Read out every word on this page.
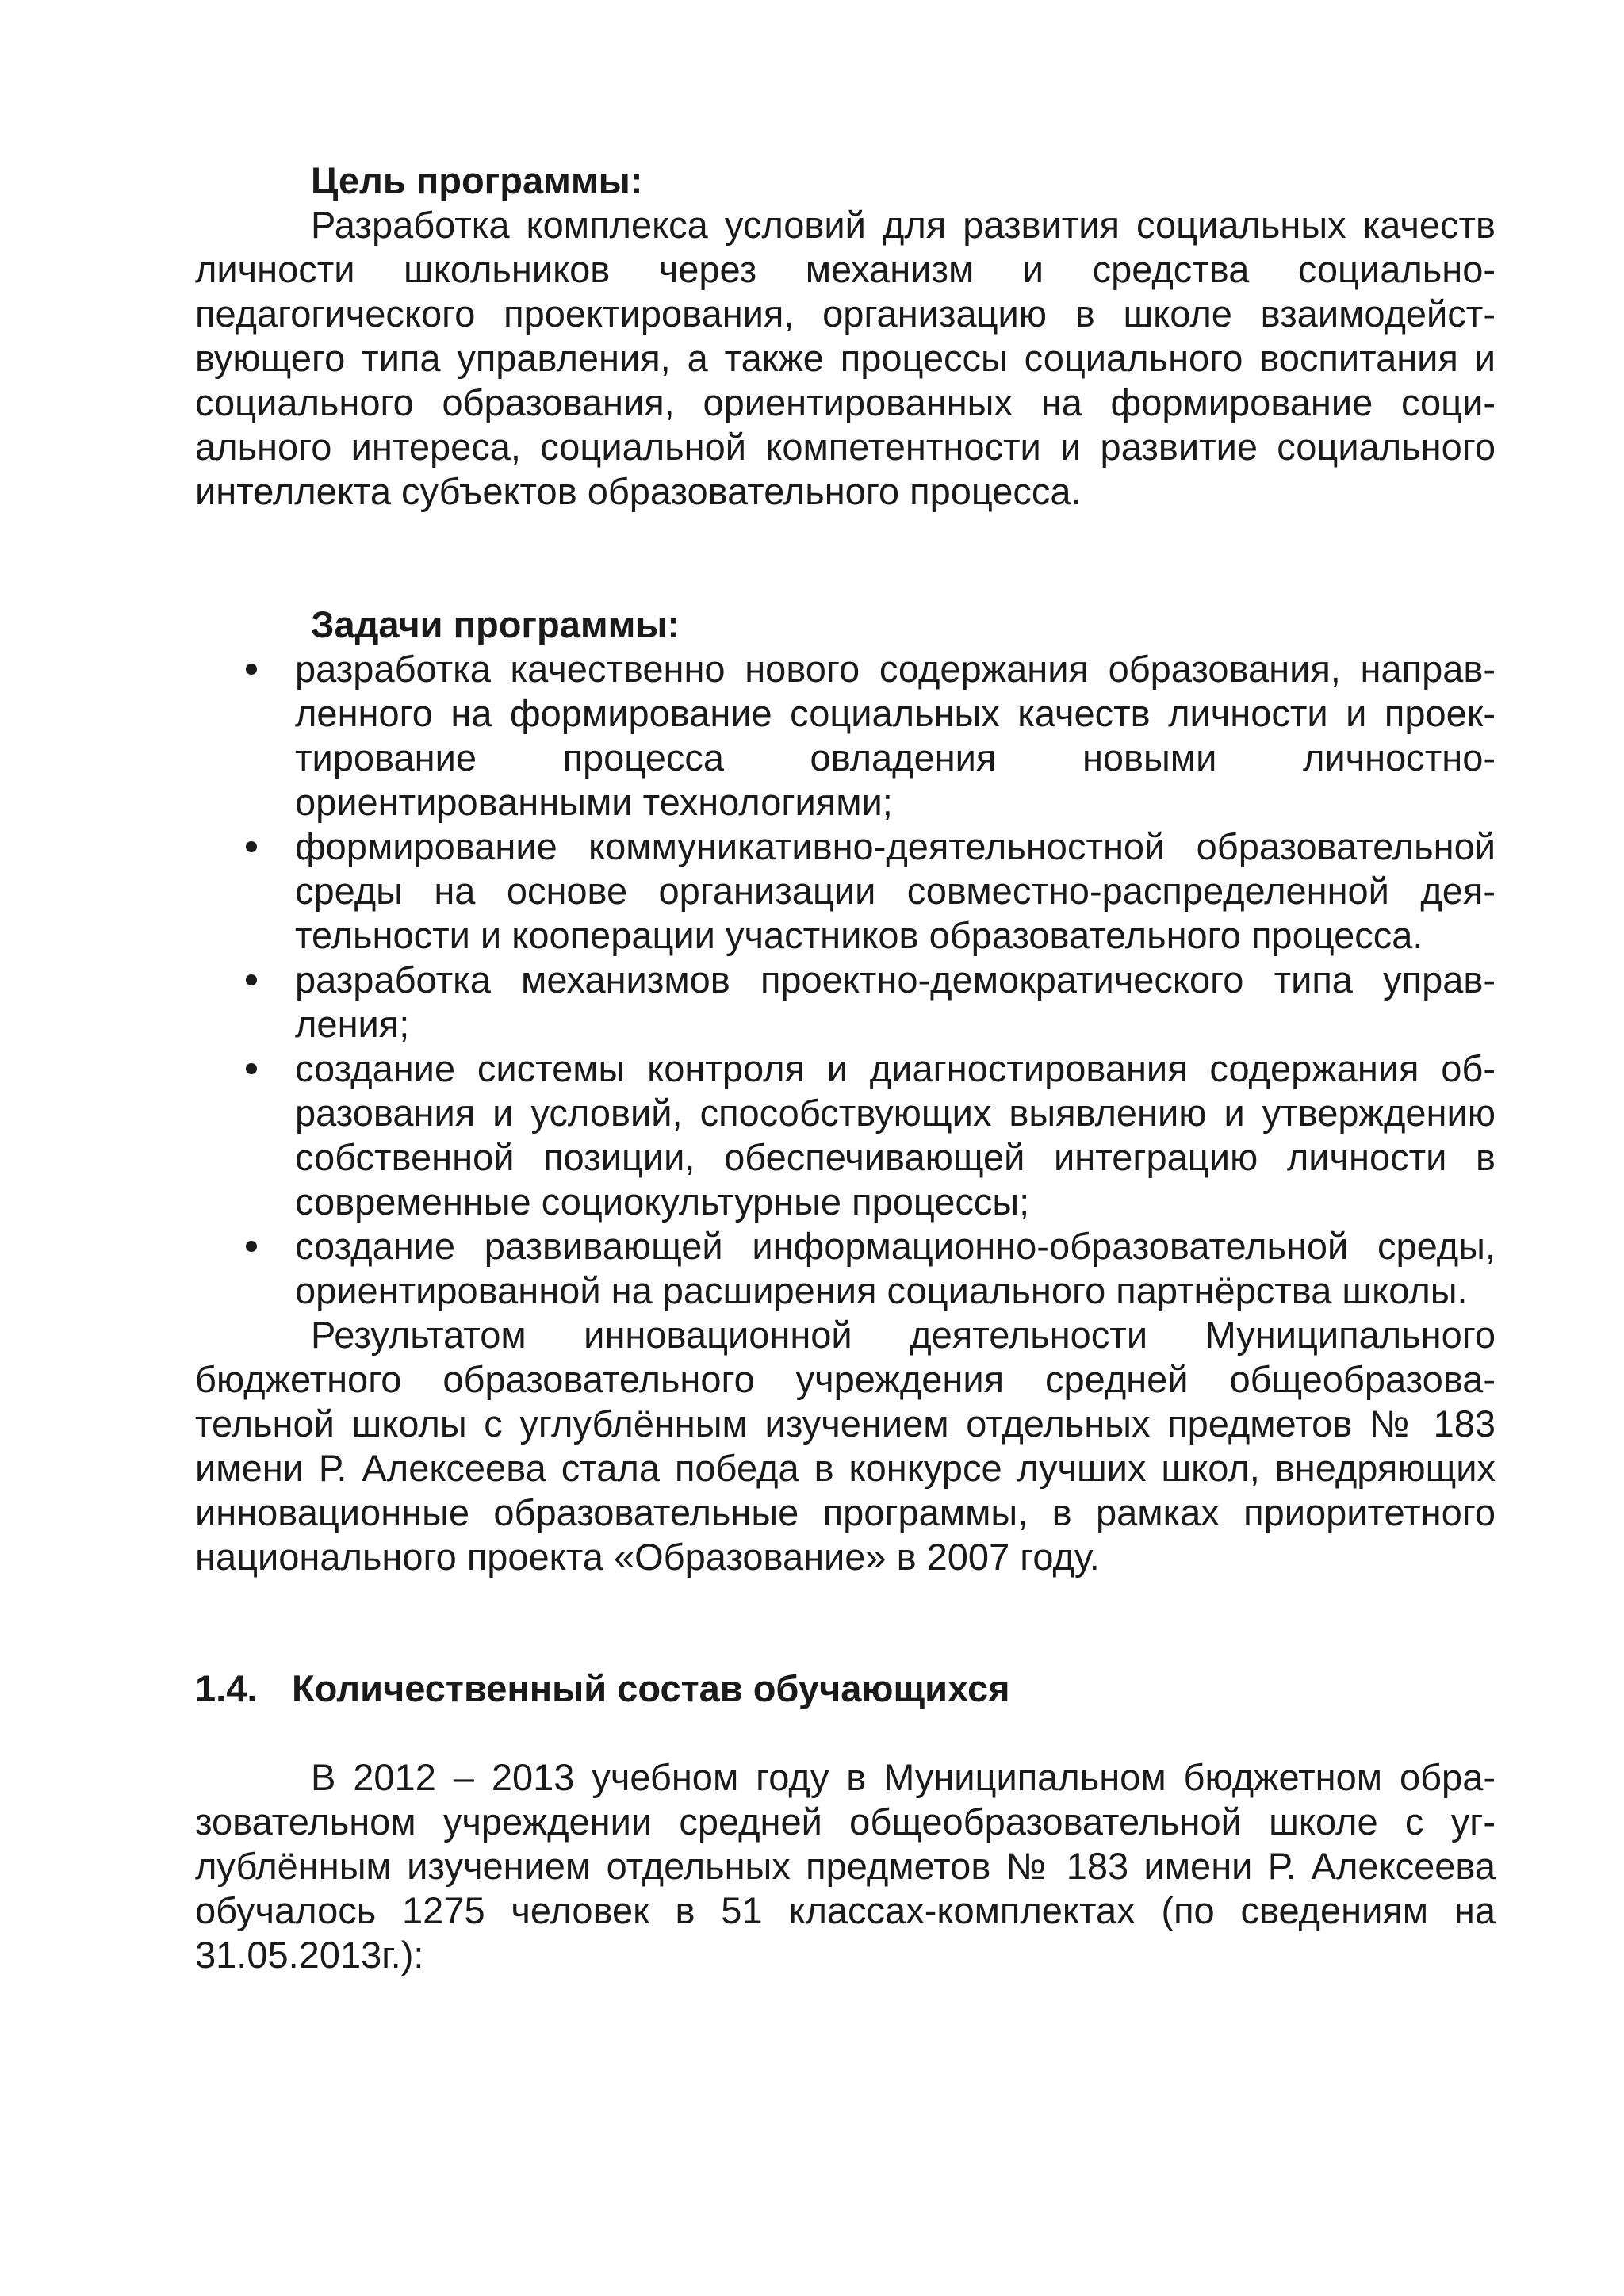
Цель программы:

Разработка комплекса условий для развития социальных качеств личности школьников через механизм и средства социально-педагогического проектирования, организацию в школе взаимодействующего типа управления, а также процессы социального воспитания и социального образования, ориентированных на формирование социального интереса, социальной компетентности и развитие социального интеллекта субъектов образовательного процесса.

Задачи программы:

разработка качественно нового содержания образования, направленного на формирование социальных качеств личности и проектирование процесса овладения новыми личностно-ориентированными технологиями;
формирование коммуникативно-деятельностной образовательной среды на основе организации совместно-распределенной деятельности и кооперации участников образовательного процесса.
разработка механизмов проектно-демократического типа управления;
создание системы контроля и диагностирования содержания образования и условий, способствующих выявлению и утверждению собственной позиции, обеспечивающей интеграцию личности в современные социокультурные процессы;
создание развивающей информационно-образовательной среды, ориентированной на расширения социального партнёрства школы.

Результатом инновационной деятельности Муниципального бюджетного образовательного учреждения средней общеобразовательной школы с углублённым изучением отдельных предметов № 183 имени Р. Алексеева стала победа в конкурсе лучших школ, внедряющих инновационные образовательные программы, в рамках приоритетного национального проекта «Образование» в 2007 году.

1.4. Количественный состав обучающихся

В 2012 – 2013 учебном году в Муниципальном бюджетном образовательном учреждении средней общеобразовательной школе с углублённым изучением отдельных предметов № 183 имени Р. Алексеева обучалось 1275 человек в 51 классах-комплектах (по сведениям на 31.05.2013г.):
